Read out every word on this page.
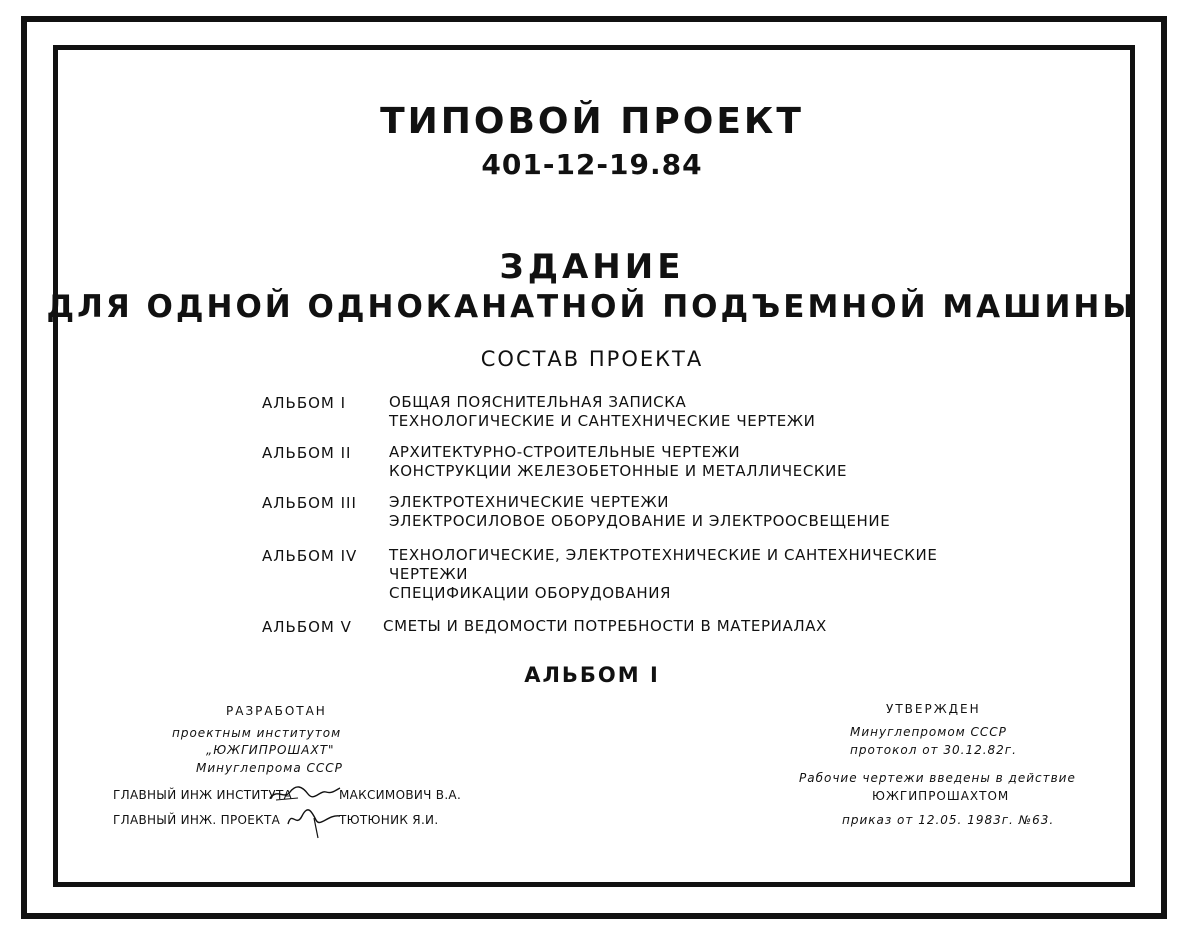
ТИПОВОЙ ПРОЕКТ
401-12-19.84
ЗДАНИЕ
ДЛЯ ОДНОЙ ОДНОКАНАТНОЙ ПОДЪЕМНОЙ МАШИНЫ
СОСТАВ ПРОЕКТА
АЛЬБОМ I	ОБЩАЯ ПОЯСНИТЕЛЬНАЯ ЗАПИСКА
ТЕХНОЛОГИЧЕСКИЕ И САНТЕХНИЧЕСКИЕ ЧЕРТЕЖИ
АЛЬБОМ II	АРХИТЕКТУРНО-СТРОИТЕЛЬНЫЕ ЧЕРТЕЖИ
КОНСТРУКЦИИ ЖЕЛЕЗОБЕТОННЫЕ И МЕТАЛЛИЧЕСКИЕ
АЛЬБОМ III ЭЛЕКТРОТЕХНИЧЕСКИЕ ЧЕРТЕЖИ
ЭЛЕКТРОСИЛОВОЕ ОБОРУДОВАНИЕ И ЭЛЕКТРООСВЕЩЕНИЕ
АЛЬБОМ IV ТЕХНОЛОГИЧЕСКИЕ, ЭЛЕКТРОТЕХНИЧЕСКИЕ И САНТЕХНИЧЕСКИЕ
ЧЕРТЕЖИ
СПЕЦИФИКАЦИИ ОБОРУДОВАНИЯ
АЛЬБОМ V СМЕТЫ И ВЕДОМОСТИ ПОТРЕБНОСТИ В МАТЕРИАЛАХ
АЛЬБОМ I
РАЗРАБОТАН
проектным институтом
„ЮЖГИПРОШАХТ"
Минуглепрома СССР
ГЛАВНЫЙ ИНЖ ИНСТИТУТА	МАКСИМОВИЧ В.А.
ГЛАВНЫЙ ИНЖ. ПРОЕКТА	ТЮТЮНИК Я.И.
УТВЕРЖДЕН
Минуглепромом СССР
протокол от 30.12.82г.
Рабочие чертежи введены в действие
ЮЖГИПРОШАХТОМ
приказ от 12.05. 1983г. №63.
